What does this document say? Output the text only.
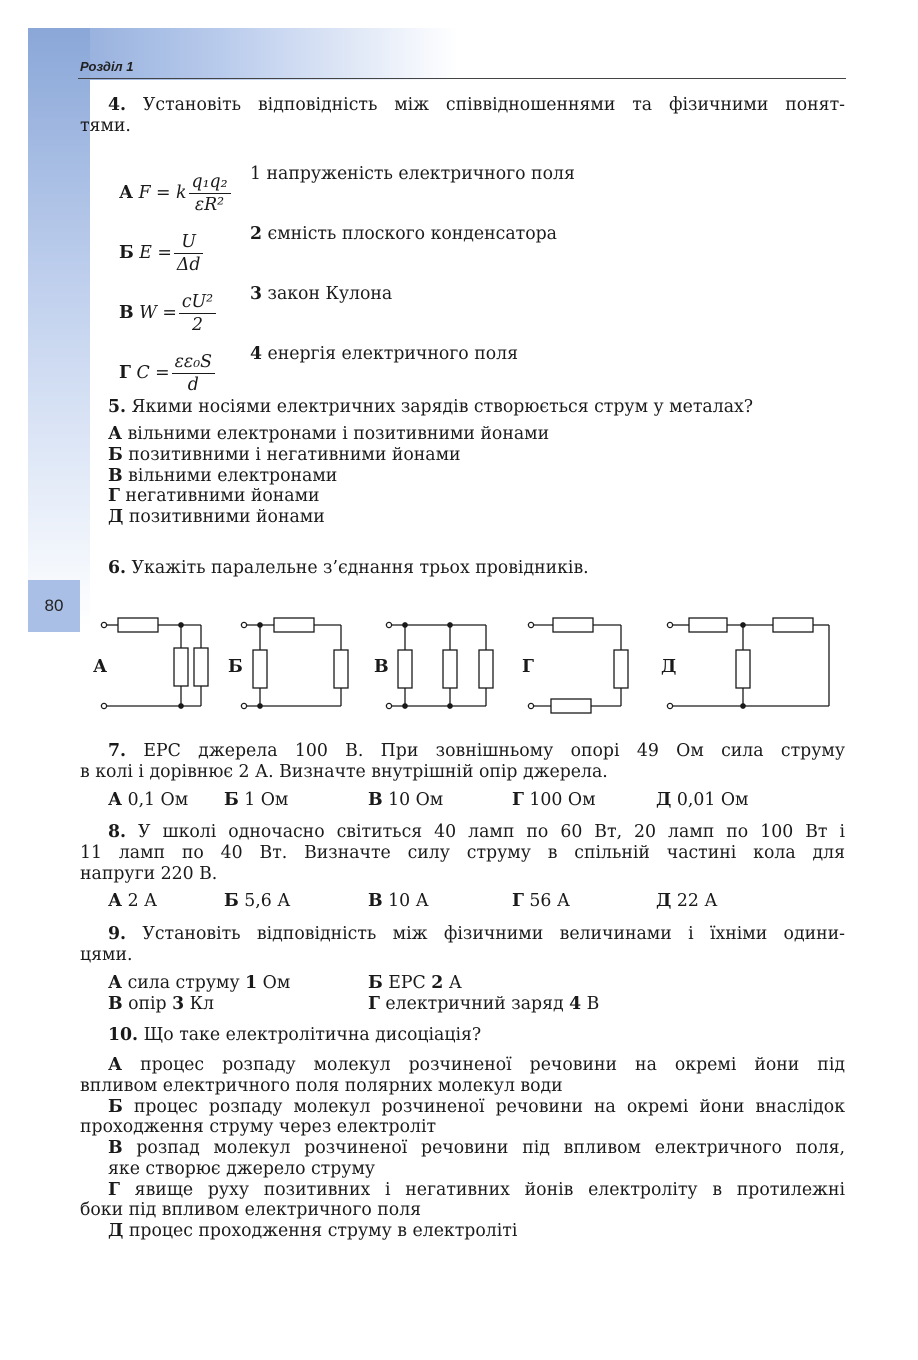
80
Розділ 1
4. Установіть відповідність між співвідношеннями та фізичними понят-
тями.

А F = k $\frac{\text{q₁q₂}}{\text{εR²}}$

Б $E = \frac{U}{\Delta d}$

В $W = \frac{\text{cU²}}{2}$

Г $C = \frac{\text{εε₀S}}{d}$

1 напруженість електричного поля
2 ємність плоского конденсатора
3 закон Кулона
4 енергія електричного поля
5. Якими носіями електричних зарядів створюється струм у металах?
А вільними електронами і позитивними йонами
Б позитивними і негативними йонами
В вільними електронами
Г негативними йонами
Д позитивними йонами
6. Укажіть паралельне з’єднання трьох провідників.
А	Б	В	Г	Д
7. ЕРС джерела 100 В. При зовнішньому опорі 49 Ом сила струму
в колі і дорівнює 2 А. Визначте внутрішній опір джерела.
А 0,1 Ом Б 1 Ом	В 10 Ом	Г 100 Ом	Д 0,01 Ом
8. У школі одночасно світиться 40 ламп по 60 Вт, 20 ламп по 100 Вт і
11 ламп по 40 Вт. Визначте силу струму в спільній частині кола для
напруги 220 В.
А 2 А	Б 5,6 А	В 10 А	Г 56 А	Д 22 А
9. Установіть відповідність між фізичними величинами і їхніми одини-
цями.
А сила струму 1 Ом	Б ЕРС 2 А
В опір 3 Кл	Г електричний заряд 4 В
10. Що таке електролітична дисоціація?
А процес розпаду молекул розчиненої речовини на окремі йони під
впливом електричного поля полярних молекул води
Б процес розпаду молекул розчиненої речовини на окремі йони внаслідок
проходження струму через електроліт
В розпад молекул розчиненої речовини під впливом електричного поля,
яке створює джерело струму
Г явище руху позитивних і негативних йонів електроліту в протилежні
боки під впливом електричного поля
Д процес проходження струму в електроліті
